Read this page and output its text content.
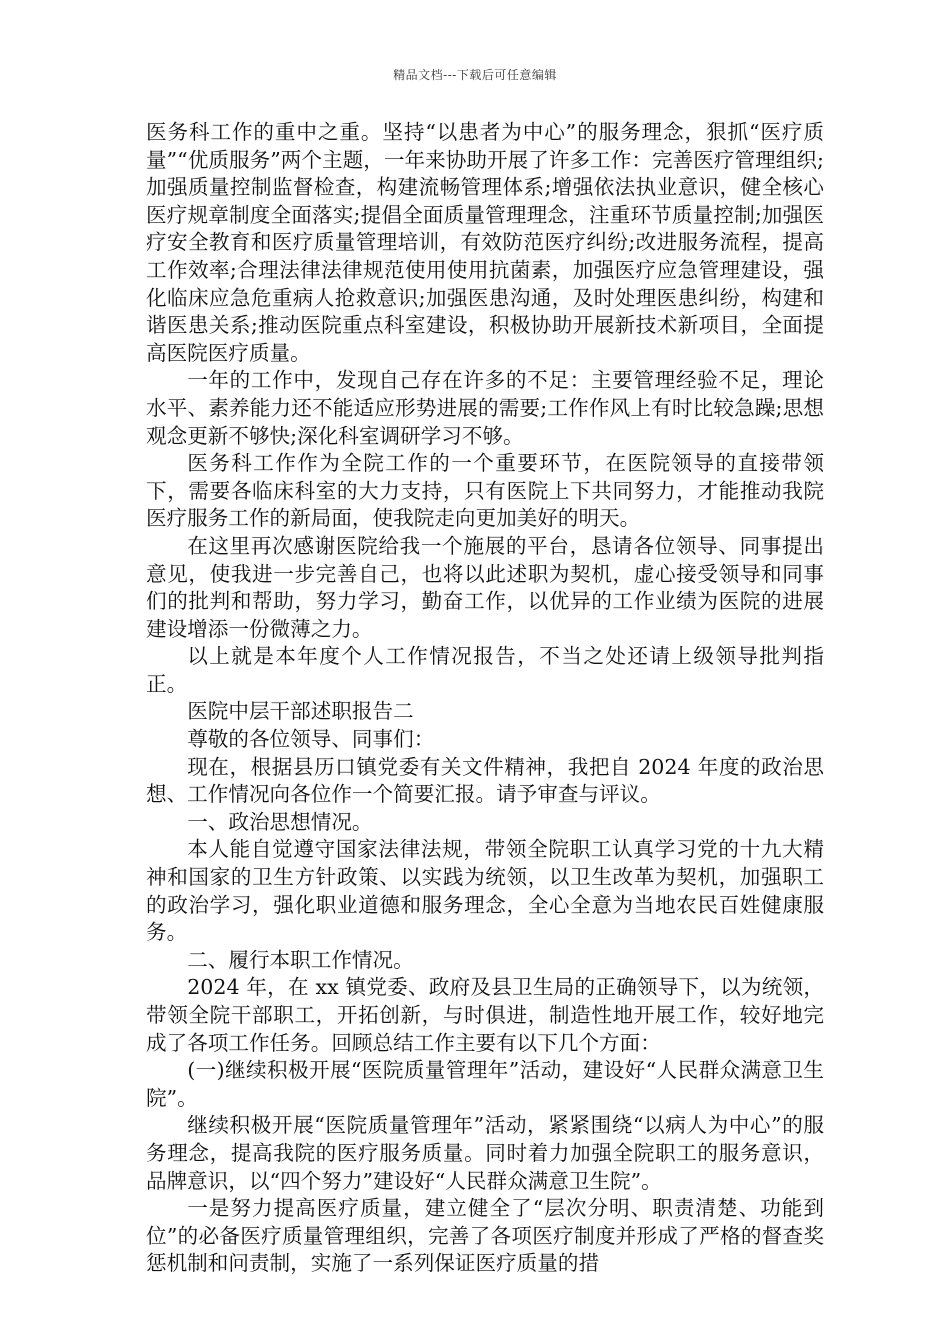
精品文档---下载后可任意编辑

医务科工作的重中之重。坚持“以患者为中心”的服务理念，狠抓“医疗质量”“优质服务”两个主题，一年来协助开展了许多工作：完善医疗管理组织;加强质量控制监督检查，构建流畅管理体系;增强依法执业意识，健全核心医疗规章制度全面落实;提倡全面质量管理理念，注重环节质量控制;加强医疗安全教育和医疗质量管理培训，有效防范医疗纠纷;改进服务流程，提高工作效率;合理法律法律规范使用使用抗菌素，加强医疗应急管理建设，强化临床应急危重病人抢救意识;加强医患沟通，及时处理医患纠纷，构建和谐医患关系;推动医院重点科室建设，积极协助开展新技术新项目，全面提高医院医疗质量。

一年的工作中，发现自己存在许多的不足：主要管理经验不足，理论水平、素养能力还不能适应形势进展的需要;工作作风上有时比较急躁;思想观念更新不够快;深化科室调研学习不够。

医务科工作作为全院工作的一个重要环节，在医院领导的直接带领下，需要各临床科室的大力支持，只有医院上下共同努力，才能推动我院医疗服务工作的新局面，使我院走向更加美好的明天。

在这里再次感谢医院给我一个施展的平台，恳请各位领导、同事提出意见，使我进一步完善自己，也将以此述职为契机，虚心接受领导和同事们的批判和帮助，努力学习，勤奋工作，以优异的工作业绩为医院的进展建设增添一份微薄之力。

以上就是本年度个人工作情况报告，不当之处还请上级领导批判指正。

医院中层干部述职报告二

尊敬的各位领导、同事们：

现在，根据县历口镇党委有关文件精神，我把自 2024 年度的政治思想、工作情况向各位作一个简要汇报。请予审查与评议。

一、政治思想情况。

本人能自觉遵守国家法律法规，带领全院职工认真学习党的十九大精神和国家的卫生方针政策、以实践为统领，以卫生改革为契机，加强职工的政治学习，强化职业道德和服务理念，全心全意为当地农民百姓健康服务。

二、履行本职工作情况。

2024 年，在 xx 镇党委、政府及县卫生局的正确领导下，以为统领，带领全院干部职工，开拓创新，与时俱进，制造性地开展工作，较好地完成了各项工作任务。回顾总结工作主要有以下几个方面：

(一)继续积极开展“医院质量管理年”活动，建设好“人民群众满意卫生院”。

继续积极开展“医院质量管理年”活动，紧紧围绕“以病人为中心”的服务理念，提高我院的医疗服务质量。同时着力加强全院职工的服务意识，品牌意识，以“四个努力”建设好“人民群众满意卫生院”。

一是努力提高医疗质量，建立健全了“层次分明、职责清楚、功能到位”的必备医疗质量管理组织，完善了各项医疗制度并形成了严格的督查奖惩机制和问责制，实施了一系列保证医疗质量的措
